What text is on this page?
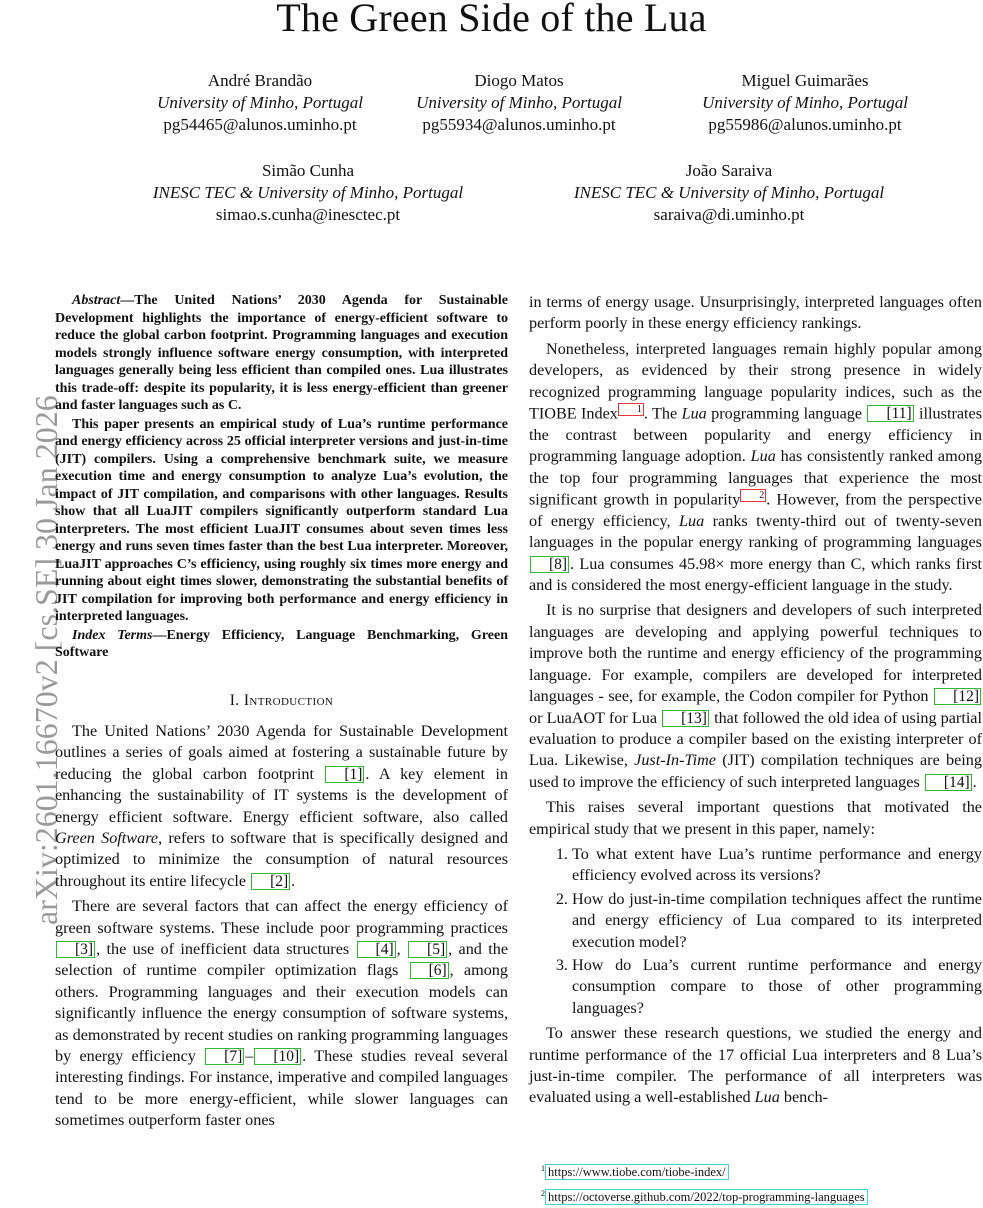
The Green Side of the Lua
André Brandão
University of Minho, Portugal
pg54465@alunos.uminho.pt
Diogo Matos
University of Minho, Portugal
pg55934@alunos.uminho.pt
Miguel Guimarães
University of Minho, Portugal
pg55986@alunos.uminho.pt
Simão Cunha
INESC TEC & University of Minho, Portugal
simao.s.cunha@inesctec.pt
João Saraiva
INESC TEC & University of Minho, Portugal
saraiva@di.uminho.pt
arXiv:2601.16670v2 [cs.SE] 30 Jan 2026

Abstract—The United Nations’ 2030 Agenda for Sustainable Development highlights the importance of energy-efficient software to reduce the global carbon footprint. Programming languages and execution models strongly influence software energy consumption, with interpreted languages generally being less efficient than compiled ones. Lua illustrates this trade-off: despite its popularity, it is less energy-efficient than greener and faster languages such as C.

This paper presents an empirical study of Lua’s runtime performance and energy efficiency across 25 official interpreter versions and just-in-time (JIT) compilers. Using a comprehensive benchmark suite, we measure execution time and energy consumption to analyze Lua’s evolution, the impact of JIT compilation, and comparisons with other languages. Results show that all LuaJIT compilers significantly outperform standard Lua interpreters. The most efficient LuaJIT consumes about seven times less energy and runs seven times faster than the best Lua interpreter. Moreover, LuaJIT approaches C’s efficiency, using roughly six times more energy and running about eight times slower, demonstrating the substantial benefits of JIT compilation for improving both performance and energy efficiency in interpreted languages.

Index Terms—Energy Efficiency, Language Benchmarking, Green Software

I. Introduction

The United Nations’ 2030 Agenda for Sustainable Development outlines a series of goals aimed at fostering a sustainable future by reducing the global carbon footprint [1] . A key element in enhancing the sustainability of IT systems is the development of energy efficient software. Energy efficient software, also called Green Software, refers to software that is specifically designed and optimized to minimize the consumption of natural resources throughout its entire lifecycle [2] .

There are several factors that can affect the energy efficiency of green software systems. These include poor programming practices [3] , the use of inefficient data structures [4] , [5] , and the selection of runtime compiler optimization flags [6] , among others. Programming languages and their execution models can significantly influence the energy consumption of software systems, as demonstrated by recent studies on ranking programming languages by energy efficiency [7] – [10] . These studies reveal several interesting findings. For instance, imperative and compiled languages tend to be more energy-efficient, while slower languages can sometimes outperform faster ones

in terms of energy usage. Unsurprisingly, interpreted languages often perform poorly in these energy efficiency rankings.

Nonetheless, interpreted languages remain highly popular among developers, as evidenced by their strong presence in widely recognized programming language popularity indices, such as the TIOBE Index 1 . The Lua programming language [11] illustrates the contrast between popularity and energy efficiency in programming language adoption. Lua has consistently ranked among the top four programming languages that experience the most significant growth in popularity 2 . However, from the perspective of energy efficiency, Lua ranks twenty-third out of twenty-seven languages in the popular energy ranking of programming languages [8] . Lua consumes 45.98× more energy than C, which ranks first and is considered the most energy-efficient language in the study.

It is no surprise that designers and developers of such interpreted languages are developing and applying powerful techniques to improve both the runtime and energy efficiency of the programming language. For example, compilers are developed for interpreted languages - see, for example, the Codon compiler for Python [12] or LuaAOT for Lua [13] that followed the old idea of using partial evaluation to produce a compiler based on the existing interpreter of Lua. Likewise, Just-In-Time (JIT) compilation techniques are being used to improve the efficiency of such interpreted languages [14] .

This raises several important questions that motivated the empirical study that we present in this paper, namely:

1. To what extent have Lua’s runtime performance and energy efficiency evolved across its versions?
2. How do just-in-time compilation techniques affect the runtime and energy efficiency of Lua compared to its interpreted execution model?
3. How do Lua’s current runtime performance and energy consumption compare to those of other programming languages?

To answer these research questions, we studied the energy and runtime performance of the 17 official Lua interpreters and 8 Lua’s just-in-time compiler. The performance of all interpreters was evaluated using a well-established Lua bench-

$^1$ https://www.tiobe.com/tiobe-index/
$^2$ https://octoverse.github.com/2022/top-programming-languages
